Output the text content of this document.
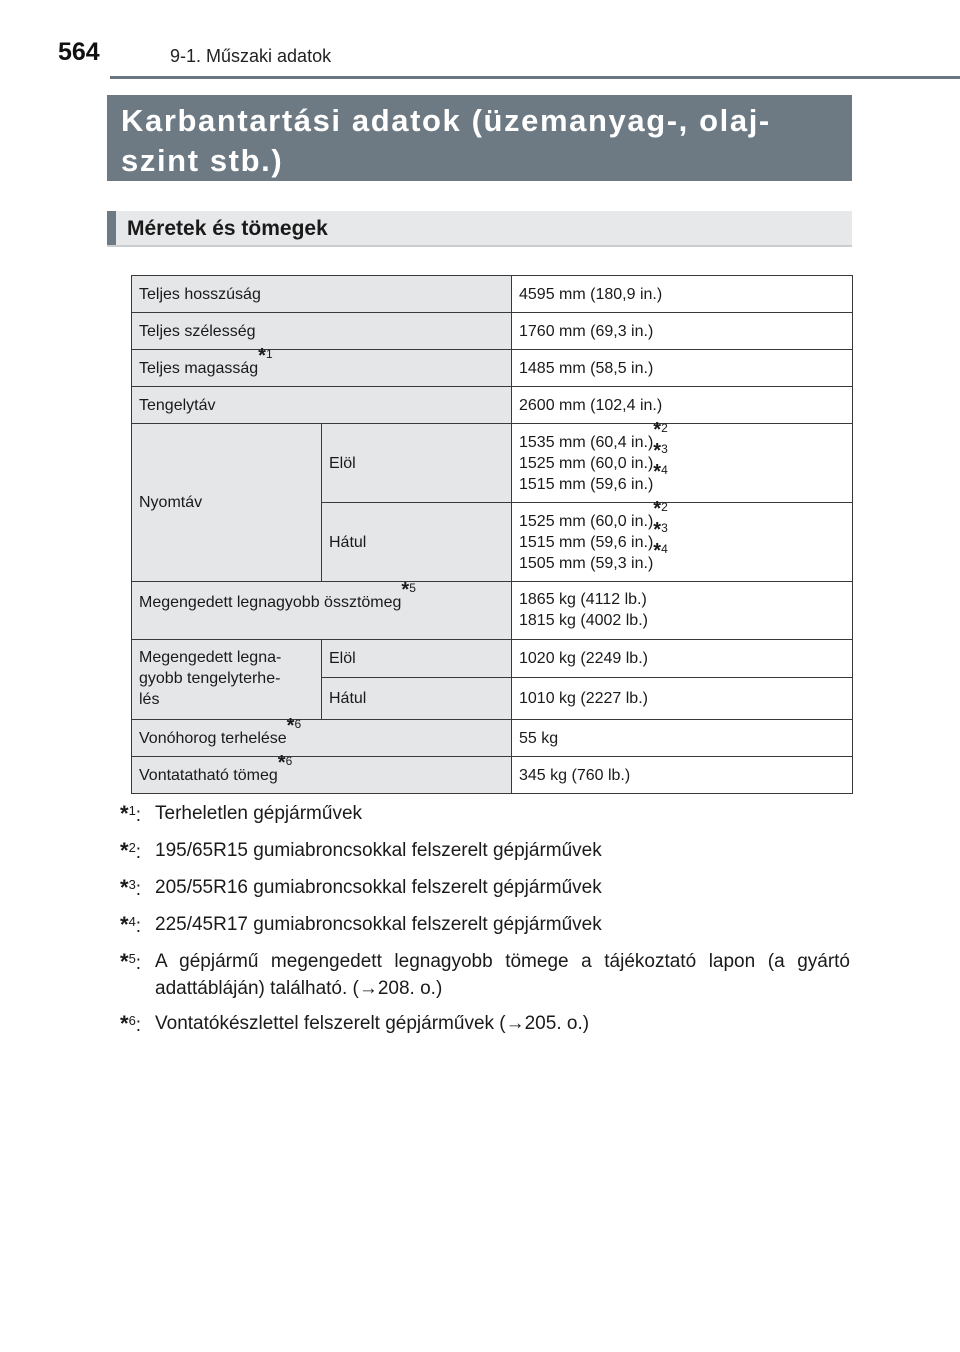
564	9-1. Műszaki adatok
Karbantartási adatok (üzemanyag-, olaj-szint stb.)
Méretek és tömegek
Teljes hosszúság		4595 mm (180,9 in.)
Teljes szélesség		1760 mm (69,3 in.)
Teljes magasság$^{*1}$		1485 mm (58,5 in.)
Tengelytáv		2600 mm (102,4 in.)
Nyomtáv	Elöl	1535 mm (60,4 in.)$^{*2}$
1525 mm (60,0 in.)$^{*3}$
1515 mm (59,6 in.)$^{*4}$

	Hátul	1525 mm (60,0 in.)$^{*2}$
1515 mm (59,6 in.)$^{*3}$
1505 mm (59,3 in.)$^{*4}$

Megengedett legnagyobb össztömeg$^{*5}$		1865 kg (4112 lb.)
1815 kg (4002 lb.)

Megengedett legna-
gyobb tengelyterhe-
lés	Elöl	1020 kg (2249 lb.)
	Hátul	1010 kg (2227 lb.)
Vonóhorog terhelése$^{*6}$		55 kg
Vontatatható tömeg$^{*6}$		345 kg (760 lb.)
*$^1$: Terheletlen gépjárművek
*$^2$: 195/65R15 gumiabroncsokkal felszerelt gépjárművek
*$^3$: 205/55R16 gumiabroncsokkal felszerelt gépjárművek
*$^4$: 225/45R17 gumiabroncsokkal felszerelt gépjárművek
*$^5$: A gépjármű megengedett legnagyobb tömege a tájékoztató lapon (a gyártó adattábláján) található. (→208. o.)
*$^6$: Vontatókészlettel felszerelt gépjárművek (→205. o.)
